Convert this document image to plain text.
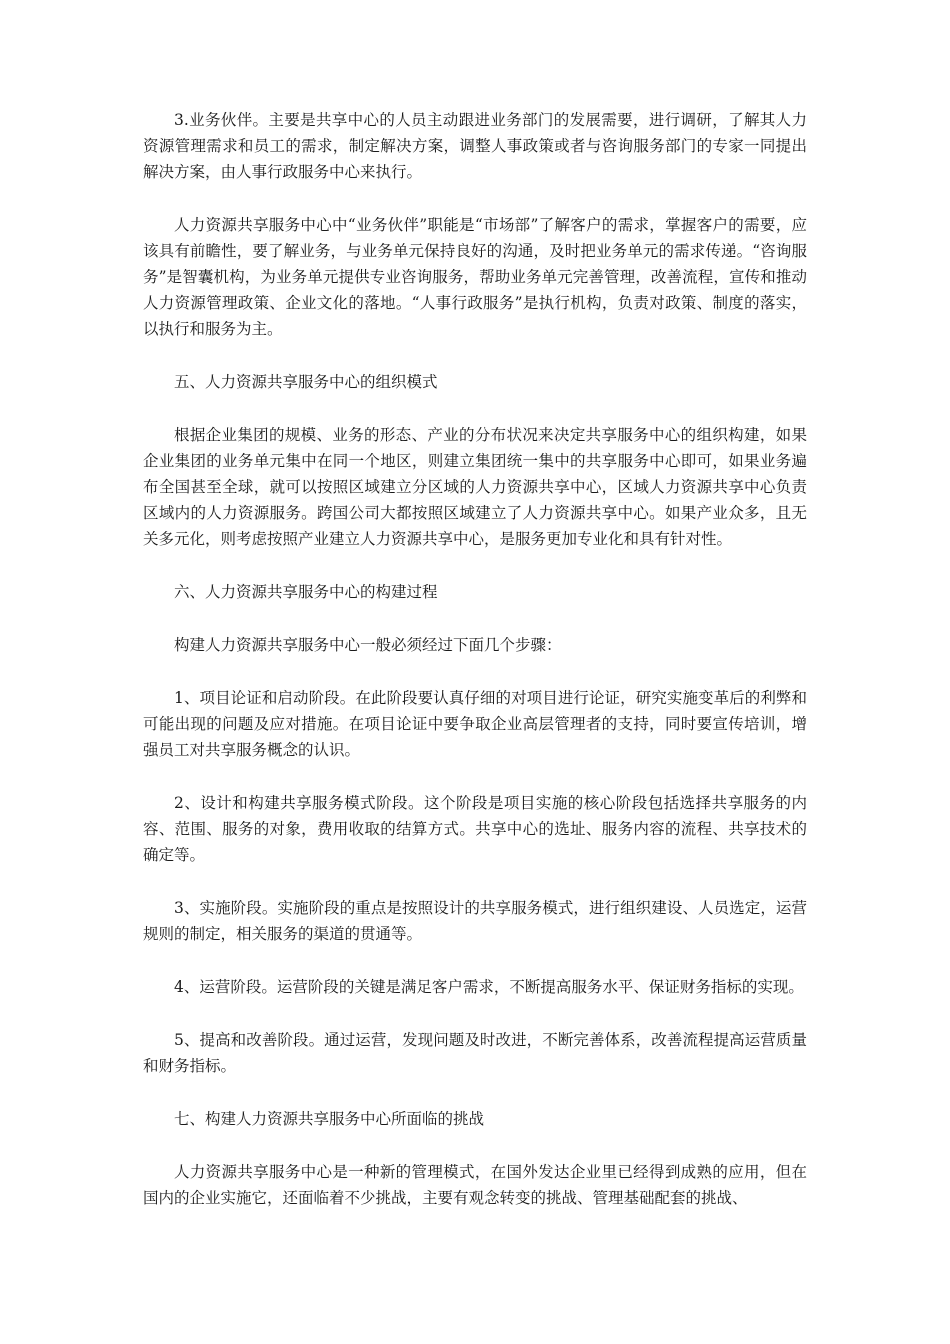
3.业务伙伴。主要是共享中心的人员主动跟进业务部门的发展需要，进行调研，了解其人力资源管理需求和员工的需求，制定解决方案，调整人事政策或者与咨询服务部门的专家一同提出解决方案，由人事行政服务中心来执行。

人力资源共享服务中心中“业务伙伴”职能是“市场部”了解客户的需求，掌握客户的需要，应该具有前瞻性，要了解业务，与业务单元保持良好的沟通，及时把业务单元的需求传递。“咨询服务”是智囊机构，为业务单元提供专业咨询服务，帮助业务单元完善管理，改善流程，宣传和推动人力资源管理政策、企业文化的落地。“人事行政服务”是执行机构，负责对政策、制度的落实，以执行和服务为主。

五、人力资源共享服务中心的组织模式

根据企业集团的规模、业务的形态、产业的分布状况来决定共享服务中心的组织构建，如果企业集团的业务单元集中在同一个地区，则建立集团统一集中的共享服务中心即可，如果业务遍布全国甚至全球，就可以按照区域建立分区域的人力资源共享中心，区域人力资源共享中心负责区域内的人力资源服务。跨国公司大都按照区域建立了人力资源共享中心。如果产业众多，且无关多元化，则考虑按照产业建立人力资源共享中心，是服务更加专业化和具有针对性。

六、人力资源共享服务中心的构建过程

构建人力资源共享服务中心一般必须经过下面几个步骤：

1、项目论证和启动阶段。在此阶段要认真仔细的对项目进行论证，研究实施变革后的利弊和可能出现的问题及应对措施。在项目论证中要争取企业高层管理者的支持，同时要宣传培训，增强员工对共享服务概念的认识。

2、设计和构建共享服务模式阶段。这个阶段是项目实施的核心阶段包括选择共享服务的内容、范围、服务的对象，费用收取的结算方式。共享中心的选址、服务内容的流程、共享技术的确定等。

3、实施阶段。实施阶段的重点是按照设计的共享服务模式，进行组织建设、人员选定，运营规则的制定，相关服务的渠道的贯通等。

4、运营阶段。运营阶段的关键是满足客户需求，不断提高服务水平、保证财务指标的实现。

5、提高和改善阶段。通过运营，发现问题及时改进，不断完善体系，改善流程提高运营质量和财务指标。

七、构建人力资源共享服务中心所面临的挑战

人力资源共享服务中心是一种新的管理模式，在国外发达企业里已经得到成熟的应用，但在国内的企业实施它，还面临着不少挑战，主要有观念转变的挑战、管理基础配套的挑战、
